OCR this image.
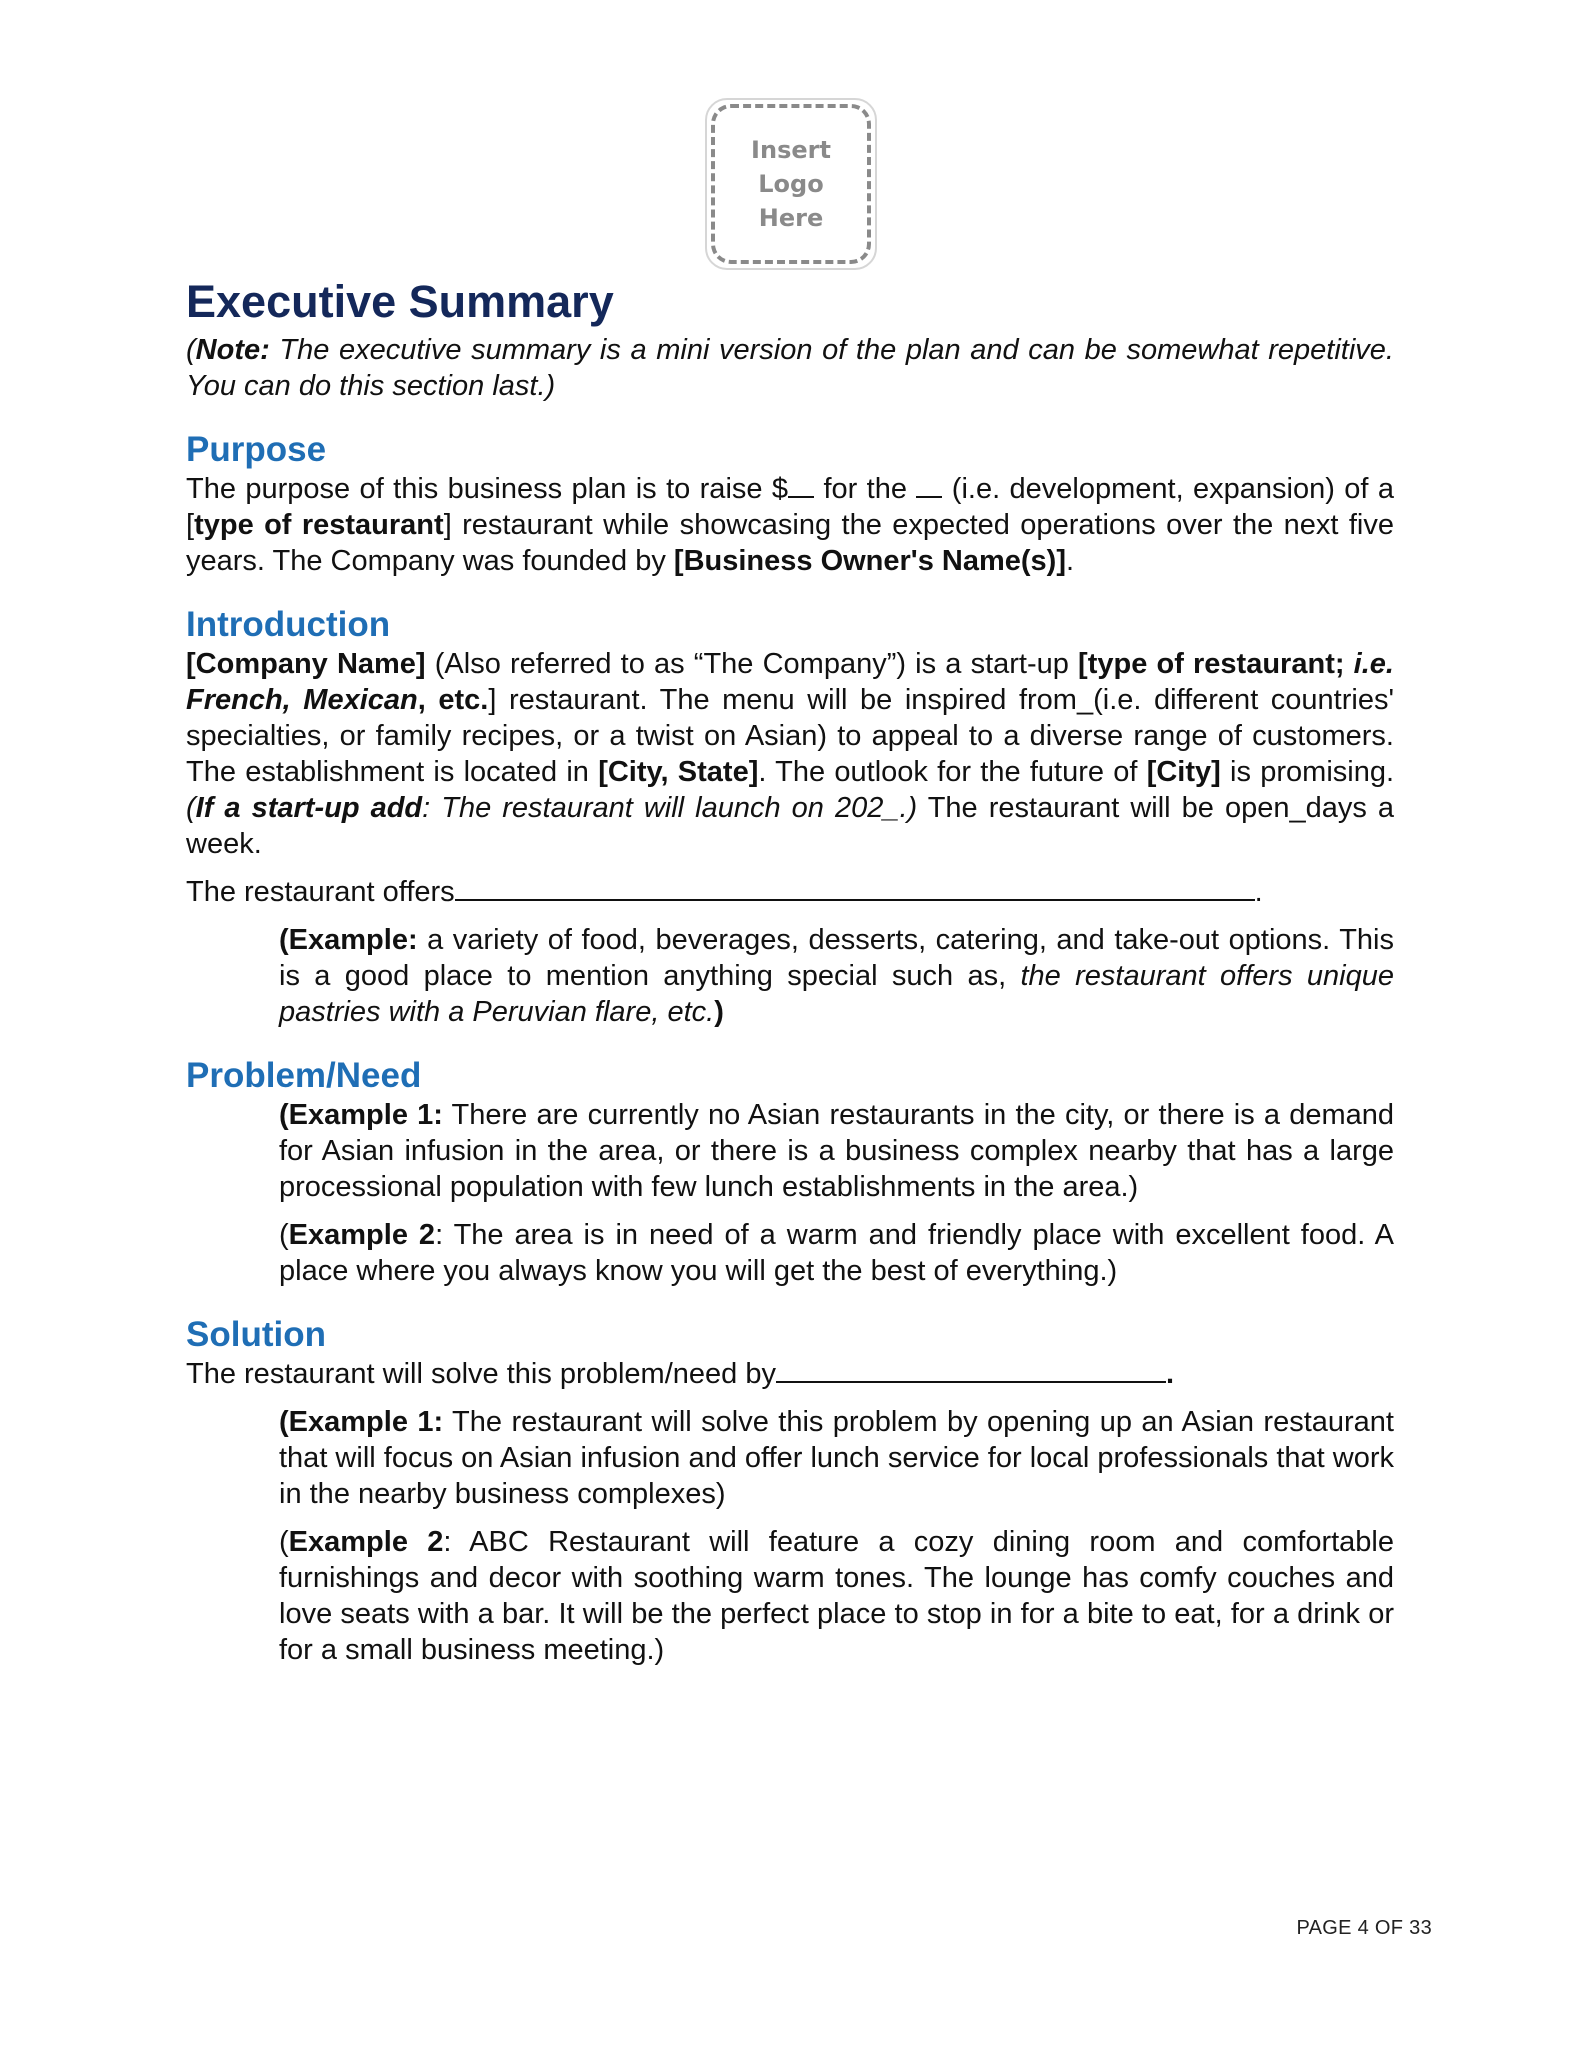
Insert
Logo
Here
Executive Summary

(Note: The executive summary is a mini version of the plan and can be somewhat repetitive. You can do this section last.)

Purpose

The purpose of this business plan is to raise $ for the  (i.e. development, expansion) of a [type of restaurant] restaurant while showcasing the expected operations over the next five years. The Company was founded by [Business Owner's Name(s)].

Introduction

[Company Name] (Also referred to as “The Company”) is a start-up [type of restaurant; i.e. French, Mexican, etc.] restaurant. The menu will be inspired from_(i.e. different countries' specialties, or family recipes, or a twist on Asian) to appeal to a diverse range of customers. The establishment is located in [City, State]. The outlook for the future of [City] is promising. (If a start-up add: The restaurant will launch on 202_.) The restaurant will be open_days a week.

The restaurant offers	.

(Example: a variety of food, beverages, desserts, catering, and take-out options. This is a good place to mention anything special such as, the restaurant offers unique pastries with a Peruvian flare, etc.)

Problem/Need

(Example 1: There are currently no Asian restaurants in the city, or there is a demand for Asian infusion in the area, or there is a business complex nearby that has a large processional population with few lunch establishments in the area.)

(Example 2: The area is in need of a warm and friendly place with excellent food. A place where you always know you will get the best of everything.)

Solution

The restaurant will solve this problem/need by	.

(Example 1: The restaurant will solve this problem by opening up an Asian restaurant that will focus on Asian infusion and offer lunch service for local professionals that work in the nearby business complexes)

(Example 2: ABC Restaurant will feature a cozy dining room and comfortable furnishings and decor with soothing warm tones. The lounge has comfy couches and love seats with a bar. It will be the perfect place to stop in for a bite to eat, for a drink or for a small business meeting.)

PAGE 4 OF 33
